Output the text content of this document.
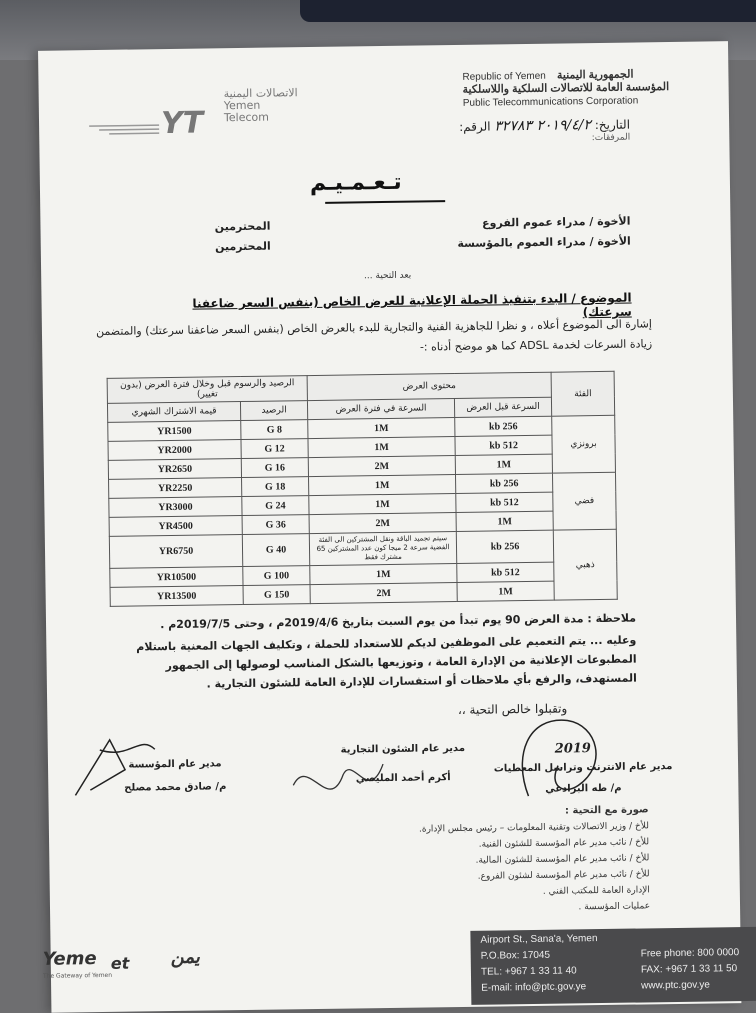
Republic of Yemen الجمهورية اليمنية
المؤسسة العامة للاتصالات السلكية واللاسلكية
Public Telecommunications Corporation
YT
الاتصالات اليمنية
Yemen
Telecom
التاريخ: ٢٠١٩/٤/٢ ٣٢٧٨٣ الرقم:
المرفقات:
تـعـمـيـم
الأخوة / مدراء عموم الفروع
المحترمين
الأخوة / مدراء العموم بالمؤسسة
المحترمين
بعد التحية ...
الموضوع / البدء بتنفيذ الحملة الإعلانية للعرض الخاص (بنفس السعر ضاعفنا سرعتك)
إشارة الى الموضوع أعلاه ، و نظرا للجاهزية الفنية والتجارية للبدء بالعرض الخاص (بنفس السعر ضاعفنا سرعتك) والمتضمن زيادة السرعات لخدمة ADSL كما هو موضح أدناه :-
الفئة	محتوى العرض		الرصيد والرسوم قبل وخلال فترة العرض (بدون تغيير)	
	السرعة قبل العرض	السرعة في فترة العرض	الرصيد	قيمة الاشتراك الشهري
برونزي	256 kb	1M	8 G	YR1500
	512 kb	1M	12 G	YR2000
	1M	2M	16 G	YR2650
فضي	256 kb	1M	18 G	YR2250
	512 kb	1M	24 G	YR3000
	1M	2M	36 G	YR4500
ذهبي	256 kb	سيتم تجميد الباقة ونقل المشتركين الى الفئة الفضية سرعة 2 ميجا كون عدد المشتركين 65 مشترك فقط	40 G	YR6750
	512 kb	1M	100 G	YR10500
	1M	2M	150 G	YR13500
ملاحظة : مدة العرض 90 يوم تبدأ من يوم السبت بتاريخ 2019/4/6م ، وحتى 2019/7/5م .
وعليه ... يتم التعميم على الموظفين لديكم للاستعداد للحملة ، وتكليف الجهات المعنية باستلام المطبوعات الإعلانية من الإدارة العامة ، وتوزيعها بالشكل المناسب لوصولها إلى الجمهور المستهدف، والرفع بأي ملاحظات أو استفسارات للإدارة العامة للشئون التجارية .
وتقبلوا خالص التحية ،،
مدير عام المؤسسة
م/ صادق محمد مصلح
مدير عام الشئون التجارية
أكرم أحمد المليصي
2019
مدير عام الانترنت وتراسل المعطيات
م/ طه البرادعي
صورة مع التحية :
للأخ / وزير الاتصالات وتقنية المعلومات – رئيس مجلس الإدارة.
للأخ / نائب مدير عام المؤسسة للشئون الفنية.
للأخ / نائب مدير عام المؤسسة للشئون المالية.
للأخ / نائب مدير عام المؤسسة لشئون الفروع.
الإدارة العامة للمكتب الفني .
عمليات المؤسسة .
Yeme
The Gateway of Yemen
et يمن
Airport St., Sana'a, Yemen
P.O.Box: 17045	Free phone: 800 0000
TEL: +967 1 33 11 40	FAX: +967 1 33 11 50
E-mail: info@ptc.gov.ye	www.ptc.gov.ye
